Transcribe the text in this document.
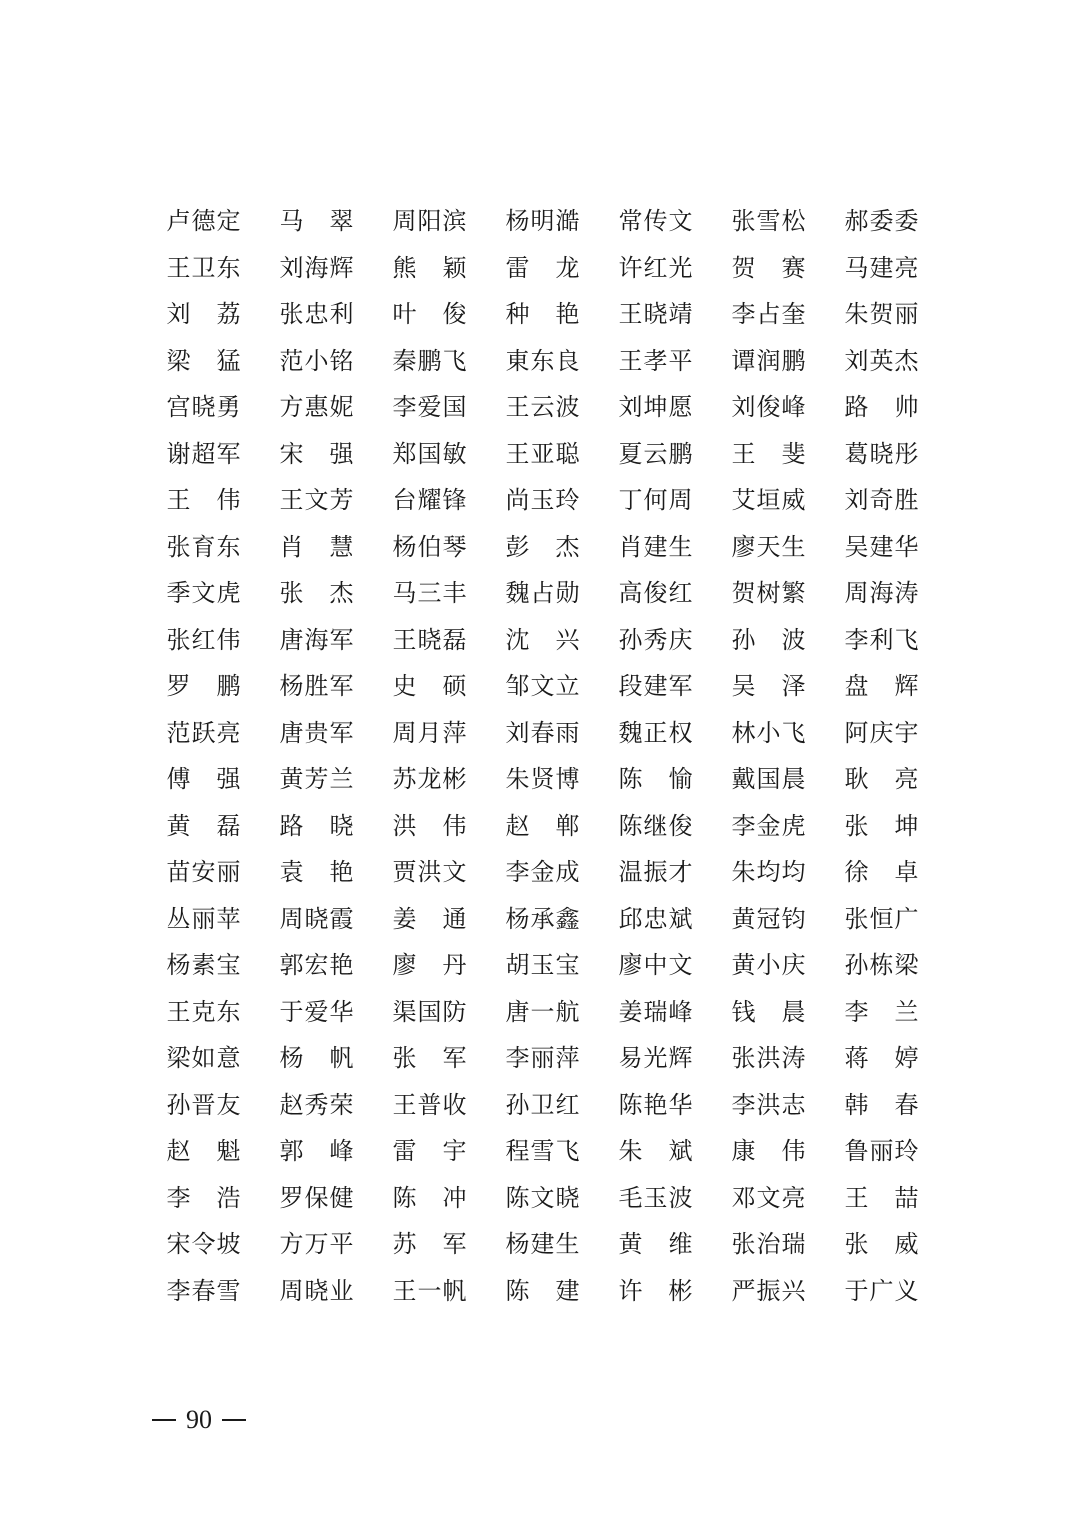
卢 德 定 马 翠 周 阳 滨 杨 明 澔 常 传 文 张 雪 松 郝 委 委
王 卫 东 刘 海 辉 熊 颖 雷 龙 许 红 光 贺 赛 马 建 亮
刘 荔 张 忠 利 叶 俊 种 艳 王 晓 靖 李 占 奎 朱 贺 丽
梁 猛 范 小 铭 秦 鹏 飞 東 东 良 王 孝 平 谭 润 鹏 刘 英 杰
宫 晓 勇 方 惠 妮 李 爱 国 王 云 波 刘 坤 愿 刘 俊 峰 路 帅
谢 超 军 宋 强 郑 国 敏 王 亚 聪 夏 云 鹏 王 斐 葛 晓 彤
王 伟 王 文 芳 台 耀 锋 尚 玉 玲 丁 何 周 艾 垣 威 刘 奇 胜
张 育 东 肖 慧 杨 伯 琴 彭 杰 肖 建 生 廖 天 生 吴 建 华
季 文 虎 张 杰 马 三 丰 魏 占 勋 高 俊 红 贺 树 繁 周 海 涛
张 红 伟 唐 海 军 王 晓 磊 沈 兴 孙 秀 庆 孙 波 李 利 飞
罗 鹏 杨 胜 军 史 硕 邹 文 立 段 建 军 吴 泽 盘 辉
范 跃 亮 唐 贵 军 周 月 萍 刘 春 雨 魏 正 权 林 小 飞 阿 庆 宇
傅 强 黄 芳 兰 苏 龙 彬 朱 贤 博 陈 愉 戴 国 晨 耿 亮
黄 磊 路 晓 洪 伟 赵 郸 陈 继 俊 李 金 虎 张 坤
苗 安 丽 袁 艳 贾 洪 文 李 金 成 温 振 才 朱 均 均 徐 卓
丛 丽 苹 周 晓 霞 姜 通 杨 承 鑫 邱 忠 斌 黄 冠 钧 张 恒 广
杨 素 宝 郭 宏 艳 廖 丹 胡 玉 宝 廖 中 文 黄 小 庆 孙 栋 梁
王 克 东 于 爱 华 渠 国 防 唐 一 航 姜 瑞 峰 钱 晨 李 兰
梁 如 意 杨 帆 张 军 李 丽 萍 易 光 辉 张 洪 涛 蒋 婷
孙 晋 友 赵 秀 荣 王 普 收 孙 卫 红 陈 艳 华 李 洪 志 韩 春
赵 魁 郭 峰 雷 宇 程 雪 飞 朱 斌 康 伟 鲁 丽 玲
李 浩 罗 保 健 陈 冲 陈 文 晓 毛 玉 波 邓 文 亮 王 喆
宋 令 坡 方 万 平 苏 军 杨 建 生 黄 维 张 治 瑞 张 威
李 春 雪 周 晓 业 王 一 帆 陈 建 许 彬 严 振 兴 于 广 义
90
